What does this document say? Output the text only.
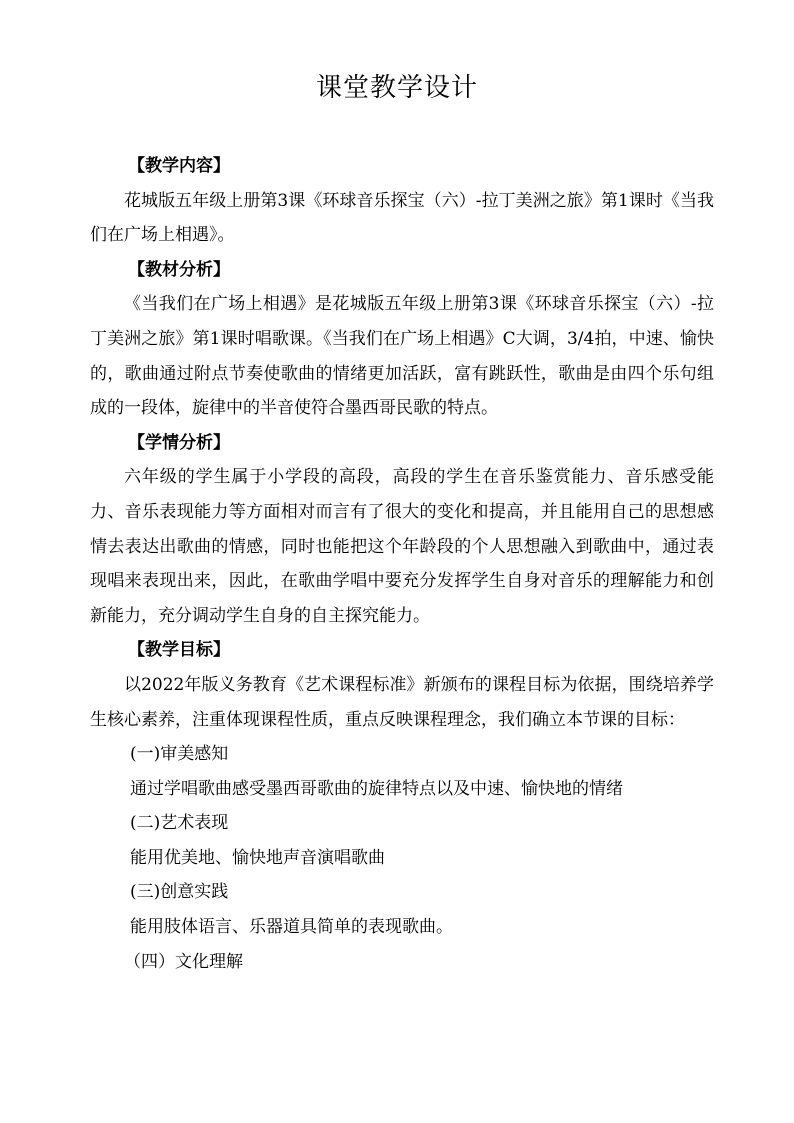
课堂教学设计

【教学内容】

花城版五年级上册第3课《环球音乐探宝（六）-拉丁美洲之旅》第1课时《当我们在广场上相遇》。

【教材分析】

《当我们在广场上相遇》是花城版五年级上册第3课《环球音乐探宝（六）-拉丁美洲之旅》第1课时唱歌课。《当我们在广场上相遇》C大调，3/4拍，中速、愉快的，歌曲通过附点节奏使歌曲的情绪更加活跃，富有跳跃性，歌曲是由四个乐句组成的一段体，旋律中的半音使符合墨西哥民歌的特点。

【学情分析】

六年级的学生属于小学段的高段，高段的学生在音乐鉴赏能力、音乐感受能力、音乐表现能力等方面相对而言有了很大的变化和提高，并且能用自己的思想感情去表达出歌曲的情感，同时也能把这个年龄段的个人思想融入到歌曲中，通过表现唱来表现出来，因此，在歌曲学唱中要充分发挥学生自身对音乐的理解能力和创新能力，充分调动学生自身的自主探究能力。

【教学目标】

以2022年版义务教育《艺术课程标准》新颁布的课程目标为依据，围绕培养学生核心素养，注重体现课程性质，重点反映课程理念，我们确立本节课的目标：

(一)审美感知

通过学唱歌曲感受墨西哥歌曲的旋律特点以及中速、愉快地的情绪

(二)艺术表现

能用优美地、愉快地声音演唱歌曲

(三)创意实践

能用肢体语言、乐器道具简单的表现歌曲。

（四）文化理解
